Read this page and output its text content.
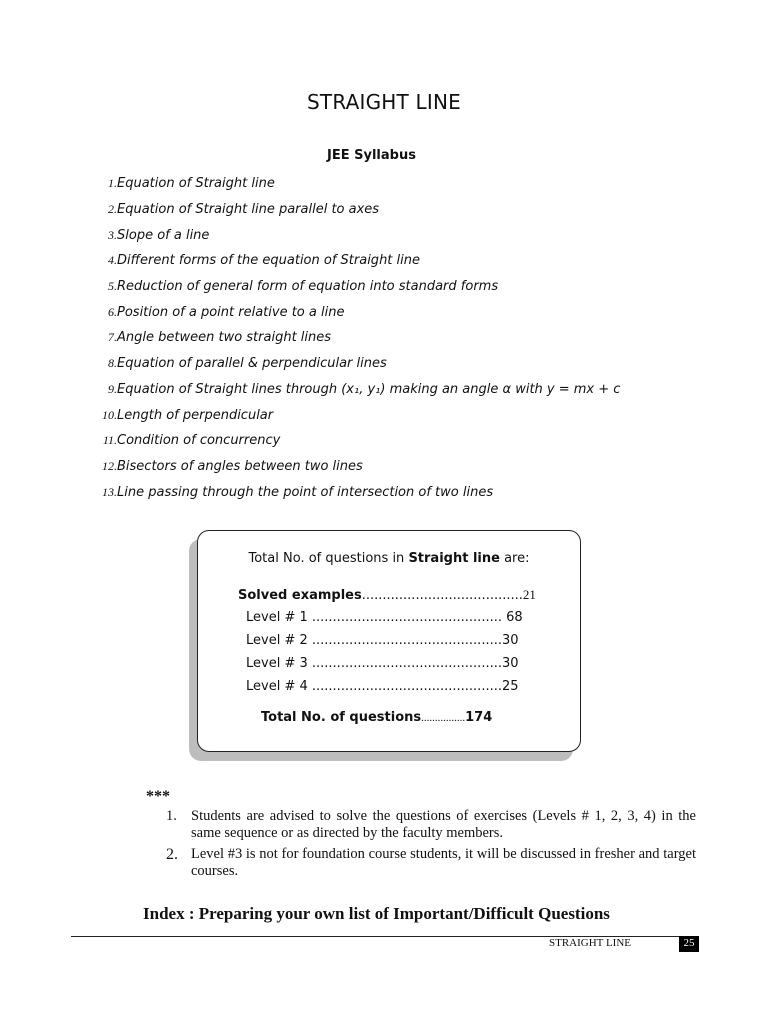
STRAIGHT LINE
JEE Syllabus
1. Equation of Straight line
2. Equation of Straight line parallel to axes
3. Slope of a line
4. Different forms of the equation of Straight line
5. Reduction of general form of equation into standard forms
6. Position of a point relative to a line
7. Angle between two straight lines
8. Equation of parallel & perpendicular lines
9. Equation of Straight lines through (x₁, y₁) making an angle α with y = mx + c
10. Length of perpendicular
11. Condition of concurrency
12. Bisectors of angles between two lines
13. Line passing through the point of intersection of two lines
Total No. of questions in Straight line are:
Solved examples.......................................21
Level # 1 .............................................. 68
Level # 2 ..............................................30
Level # 3 ..............................................30
Level # 4 ..............................................25
Total No. of questions................174
***
1. Students are advised to solve the questions of exercises (Levels # 1, 2, 3, 4) in the same sequence or as directed by the faculty members.
2. Level #3 is not for foundation course students, it will be discussed in fresher and target courses.
Index : Preparing your own list of Important/Difficult Questions
STRAIGHT LINE	25
